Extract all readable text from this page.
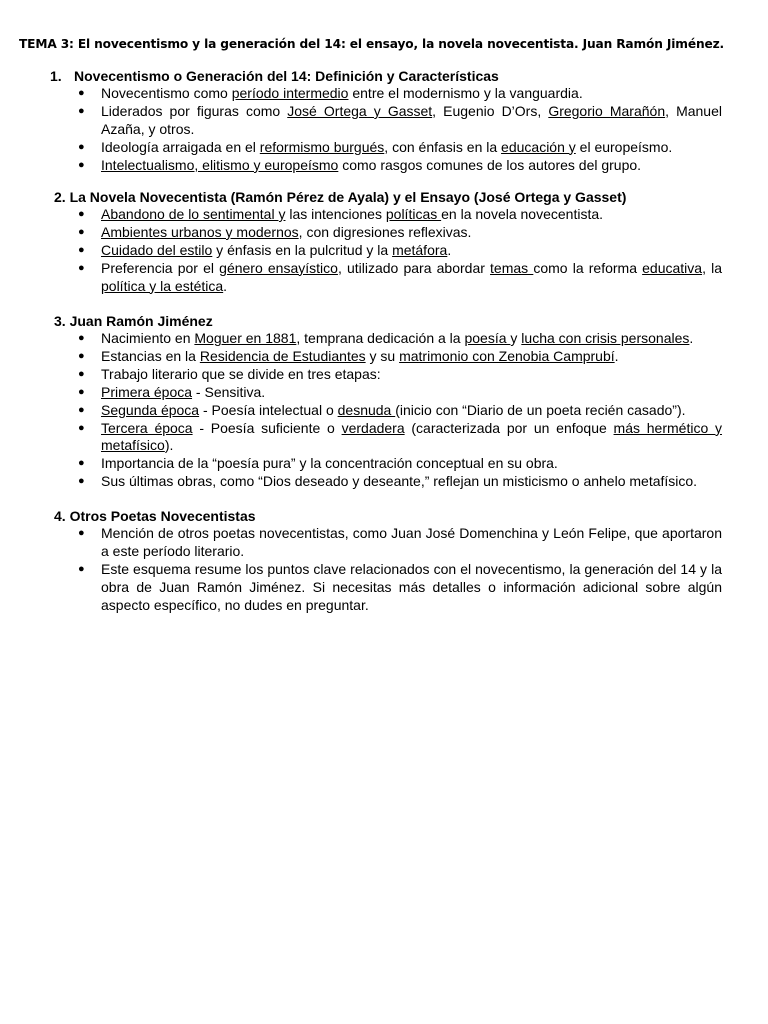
TEMA 3: El novecentismo y la generación del 14: el ensayo, la novela novecentista. Juan Ramón Jiménez.
1. Novecentismo o Generación del 14: Definición y Características
● Novecentismo como período intermedio entre el modernismo y la vanguardia.
● Liderados por figuras como José Ortega y Gasset, Eugenio D’Ors, Gregorio Marañón, Manuel Azaña, y otros.
● Ideología arraigada en el reformismo burgués, con énfasis en la educación y el europeísmo.
● Intelectualismo, elitismo y europeísmo como rasgos comunes de los autores del grupo.
2. La Novela Novecentista (Ramón Pérez de Ayala) y el Ensayo (José Ortega y Gasset)
● Abandono de lo sentimental y las intenciones políticas en la novela novecentista.
● Ambientes urbanos y modernos, con digresiones reflexivas.
● Cuidado del estilo y énfasis en la pulcritud y la metáfora.
● Preferencia por el género ensayístico, utilizado para abordar temas como la reforma educativa, la política y la estética.
3. Juan Ramón Jiménez
● Nacimiento en Moguer en 1881, temprana dedicación a la poesía y lucha con crisis personales.
● Estancias en la Residencia de Estudiantes y su matrimonio con Zenobia Camprubí.
● Trabajo literario que se divide en tres etapas:
● Primera época - Sensitiva.
● Segunda época - Poesía intelectual o desnuda (inicio con “Diario de un poeta recién casado”).
● Tercera época - Poesía suficiente o verdadera (caracterizada por un enfoque más hermético y metafísico).
● Importancia de la “poesía pura” y la concentración conceptual en su obra.
● Sus últimas obras, como “Dios deseado y deseante,” reflejan un misticismo o anhelo metafísico.
4. Otros Poetas Novecentistas
● Mención de otros poetas novecentistas, como Juan José Domenchina y León Felipe, que aportaron a este período literario.
● Este esquema resume los puntos clave relacionados con el novecentismo, la generación del 14 y la obra de Juan Ramón Jiménez. Si necesitas más detalles o información adicional sobre algún aspecto específico, no dudes en preguntar.
